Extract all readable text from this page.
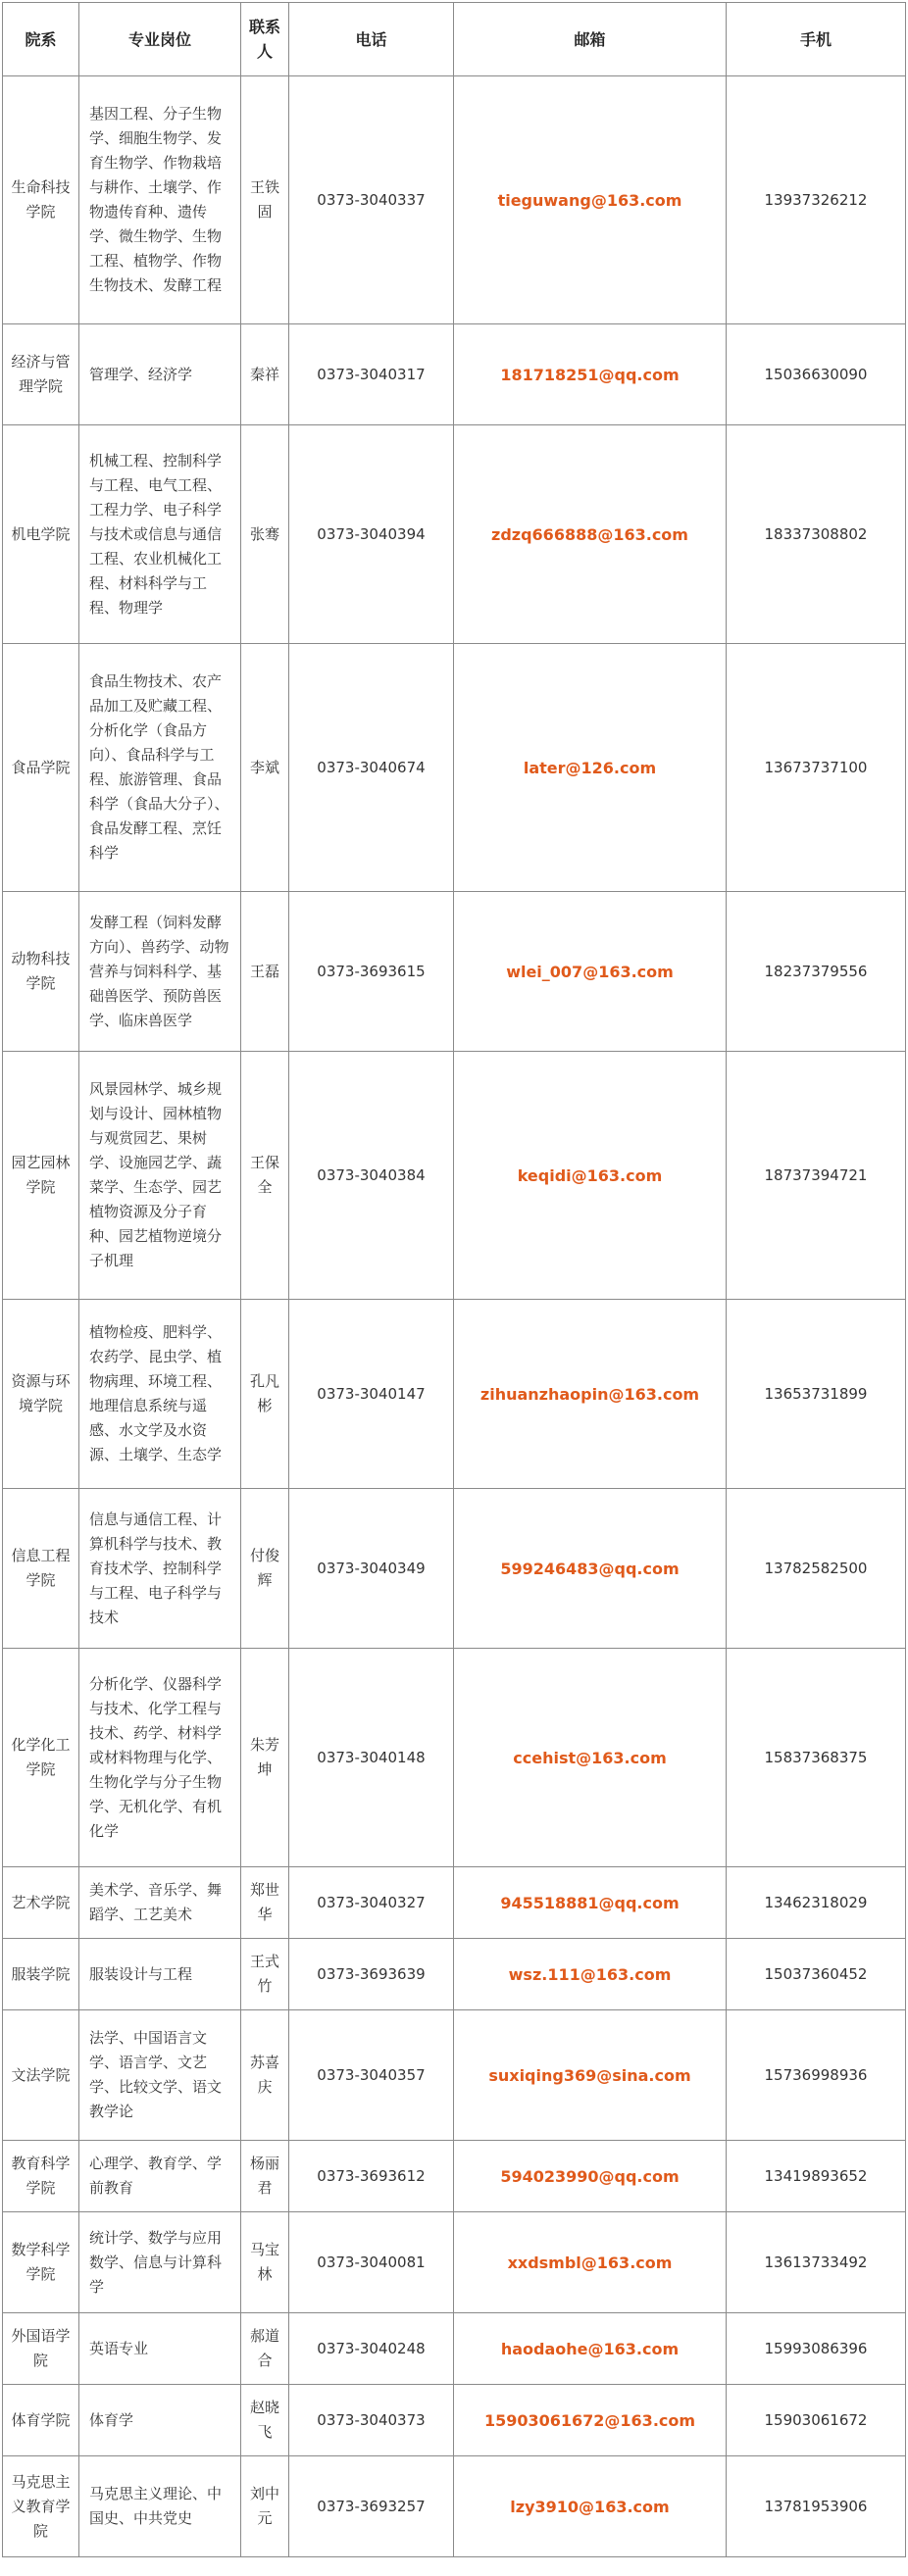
院系	专业岗位	联系人	电话	邮箱	手机
生命科技学院	基因工程、分子生物学、细胞生物学、发育生物学、作物栽培与耕作、土壤学、作物遗传育种、遗传学、微生物学、生物工程、植物学、作物生物技术、发酵工程	王铁固	0373-3040337	tieguwang@163.com	13937326212
经济与管理学院	管理学、经济学	秦祥	0373-3040317	181718251@qq.com	15036630090
机电学院	机械工程、控制科学与工程、电气工程、工程力学、电子科学与技术或信息与通信工程、农业机械化工程、材料科学与工程、物理学	张骞	0373-3040394	zdzq666888@163.com	18337308802
食品学院	食品生物技术、农产品加工及贮藏工程、分析化学（食品方向）、食品科学与工程、旅游管理、食品科学（食品大分子）、食品发酵工程、烹饪科学	李斌	0373-3040674	later@126.com	13673737100
动物科技学院	发酵工程（饲料发酵方向）、兽药学、动物营养与饲料科学、基础兽医学、预防兽医学、临床兽医学	王磊	0373-3693615	wlei_007@163.com	18237379556
园艺园林学院	风景园林学、城乡规划与设计、园林植物与观赏园艺、果树学、设施园艺学、蔬菜学、生态学、园艺植物资源及分子育种、园艺植物逆境分子机理	王保全	0373-3040384	keqidi@163.com	18737394721
资源与环境学院	植物检疫、肥料学、农药学、昆虫学、植物病理、环境工程、地理信息系统与遥感、水文学及水资源、土壤学、生态学	孔凡彬	0373-3040147	zihuanzhaopin@163.com	13653731899
信息工程学院	信息与通信工程、计算机科学与技术、教育技术学、控制科学与工程、电子科学与技术	付俊辉	0373-3040349	599246483@qq.com	13782582500
化学化工学院	分析化学、仪器科学与技术、化学工程与技术、药学、材料学或材料物理与化学、生物化学与分子生物学、无机化学、有机化学	朱芳坤	0373-3040148	ccehist@163.com	15837368375
艺术学院	美术学、音乐学、舞蹈学、工艺美术	郑世华	0373-3040327	945518881@qq.com	13462318029
服装学院	服装设计与工程	王式竹	0373-3693639	wsz.111@163.com	15037360452
文法学院	法学、中国语言文学、语言学、文艺学、比较文学、语文教学论	苏喜庆	0373-3040357	suxiqing369@sina.com	15736998936
教育科学学院	心理学、教育学、学前教育	杨丽君	0373-3693612	594023990@qq.com	13419893652
数学科学学院	统计学、数学与应用数学、信息与计算科学	马宝林	0373-3040081	xxdsmbl@163.com	13613733492
外国语学院	英语专业	郝道合	0373-3040248	haodaohe@163.com	15993086396
体育学院	体育学	赵晓飞	0373-3040373	15903061672@163.com	15903061672
马克思主义教育学院	马克思主义理论、中国史、中共党史	刘中元	0373-3693257	lzy3910@163.com	13781953906
